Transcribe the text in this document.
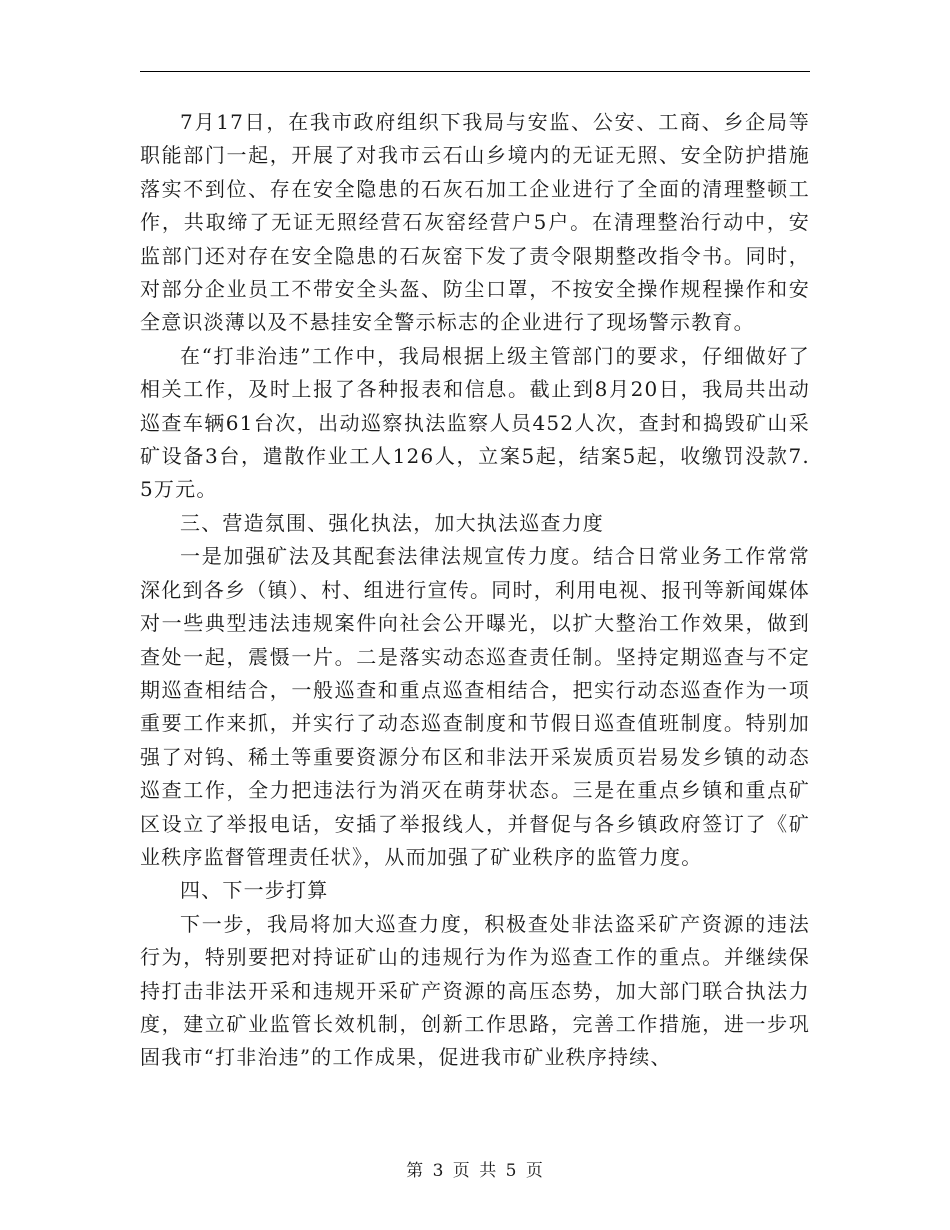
7月17日，在我市政府组织下我局与安监、公安、工商、乡企局等职能部门一起，开展了对我市云石山乡境内的无证无照、安全防护措施落实不到位、存在安全隐患的石灰石加工企业进行了全面的清理整顿工作，共取缔了无证无照经营石灰窑经营户5户。在清理整治行动中，安监部门还对存在安全隐患的石灰窑下发了责令限期整改指令书。同时，对部分企业员工不带安全头盔、防尘口罩，不按安全操作规程操作和安全意识淡薄以及不悬挂安全警示标志的企业进行了现场警示教育。

在“打非治违”工作中，我局根据上级主管部门的要求，仔细做好了相关工作，及时上报了各种报表和信息。截止到8月20日，我局共出动巡查车辆61台次，出动巡察执法监察人员452人次，查封和捣毁矿山采矿设备3台，遣散作业工人126人，立案5起，结案5起，收缴罚没款7.5万元。

三、营造氛围、强化执法，加大执法巡查力度

一是加强矿法及其配套法律法规宣传力度。结合日常业务工作常常深化到各乡（镇）、村、组进行宣传。同时，利用电视、报刊等新闻媒体对一些典型违法违规案件向社会公开曝光，以扩大整治工作效果，做到查处一起，震慑一片。二是落实动态巡查责任制。坚持定期巡查与不定期巡查相结合，一般巡查和重点巡查相结合，把实行动态巡查作为一项重要工作来抓，并实行了动态巡查制度和节假日巡查值班制度。特别加强了对钨、稀土等重要资源分布区和非法开采炭质页岩易发乡镇的动态巡查工作，全力把违法行为消灭在萌芽状态。三是在重点乡镇和重点矿区设立了举报电话，安插了举报线人，并督促与各乡镇政府签订了《矿业秩序监督管理责任状》，从而加强了矿业秩序的监管力度。

四、下一步打算

下一步，我局将加大巡查力度，积极查处非法盗采矿产资源的违法行为，特别要把对持证矿山的违规行为作为巡查工作的重点。并继续保持打击非法开采和违规开采矿产资源的高压态势，加大部门联合执法力度，建立矿业监管长效机制，创新工作思路，完善工作措施，进一步巩固我市“打非治违”的工作成果，促进我市矿业秩序持续、

第 3 页 共 5 页
